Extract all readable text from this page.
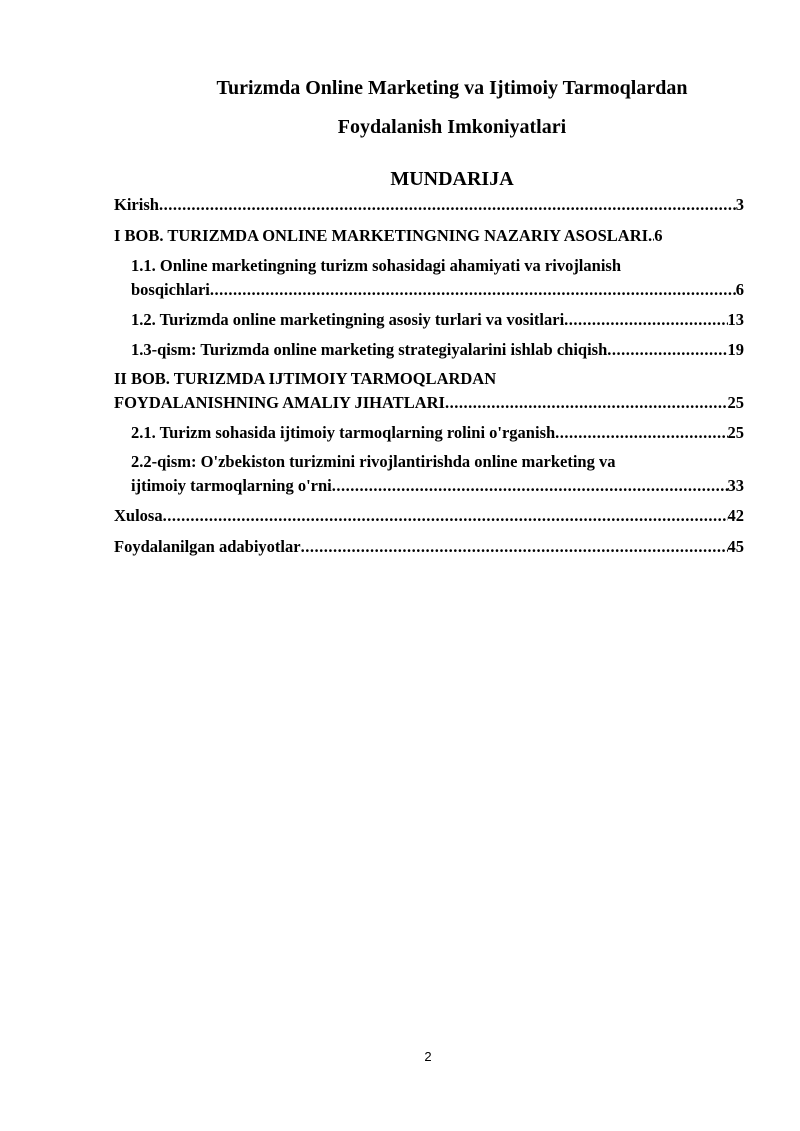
Turizmda Online Marketing va Ijtimoiy Tarmoqlardan
Foydalanish Imkoniyatlari
MUNDARIJA
Kirish .....	3
I BOB. TURIZMDA ONLINE MARKETINGNING NAZARIY ASOSLARI. ..... 6
1.1. Online marketingning turizm sohasidagi ahamiyati va rivojlanish
bosqichlari .....	6
1.2. Turizmda online marketingning asosiy turlari va vositlari .....	13
1.3-qism: Turizmda online marketing strategiyalarini ishlab chiqish .....	19
II BOB. TURIZMDA IJTIMOIY TARMOQLARDAN
FOYDALANISHNING AMALIY JIHATLARI .....	25
2.1. Turizm sohasida ijtimoiy tarmoqlarning rolini o'rganish .....	25
2.2-qism: O'zbekiston turizmini rivojlantirishda online marketing va
ijtimoiy tarmoqlarning o'rni .....	33
Xulosa .....	42
Foydalanilgan adabiyotlar .....	45
2
